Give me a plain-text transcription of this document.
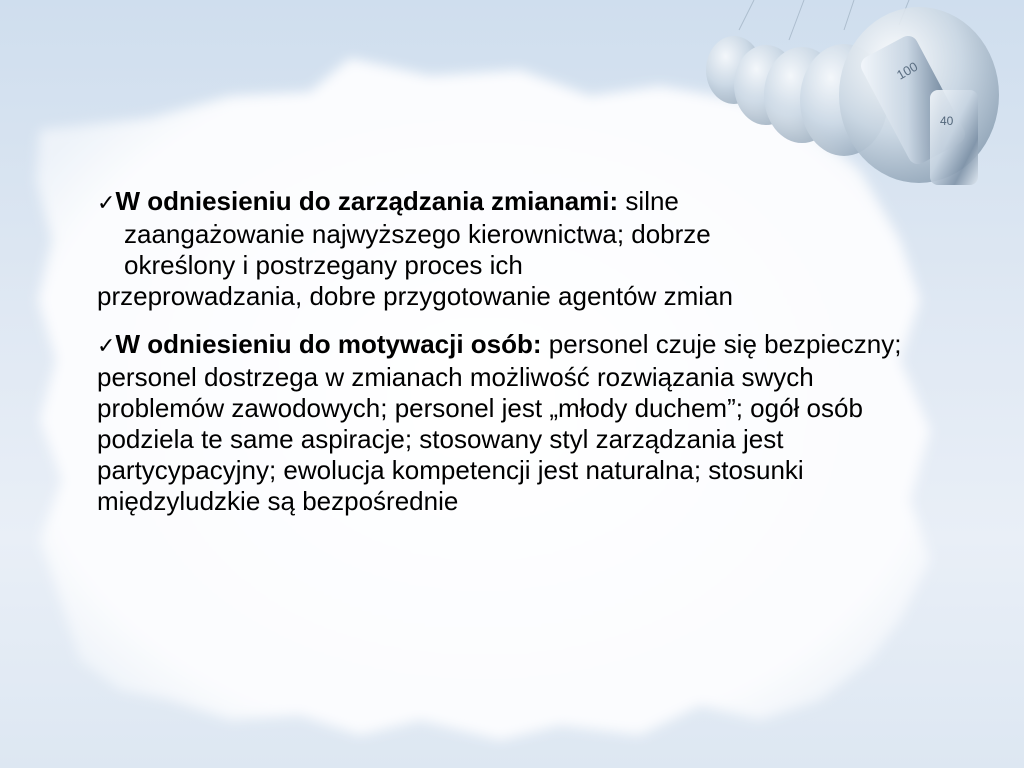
100
40

✓W odniesieniu do zarządzania zmianami: silne
zaangażowanie najwyższego kierownictwa; dobrze
określony i postrzegany proces ich
przeprowadzania, dobre przygotowanie agentów zmian

✓W odniesieniu do motywacji osób: personel czuje się bezpieczny; personel dostrzega w zmianach możliwość rozwiązania swych problemów zawodowych; personel jest „młody duchem”; ogół osób podziela te same aspiracje; stosowany styl zarządzania jest partycypacyjny; ewolucja kompetencji jest naturalna; stosunki międzyludzkie są bezpośrednie
